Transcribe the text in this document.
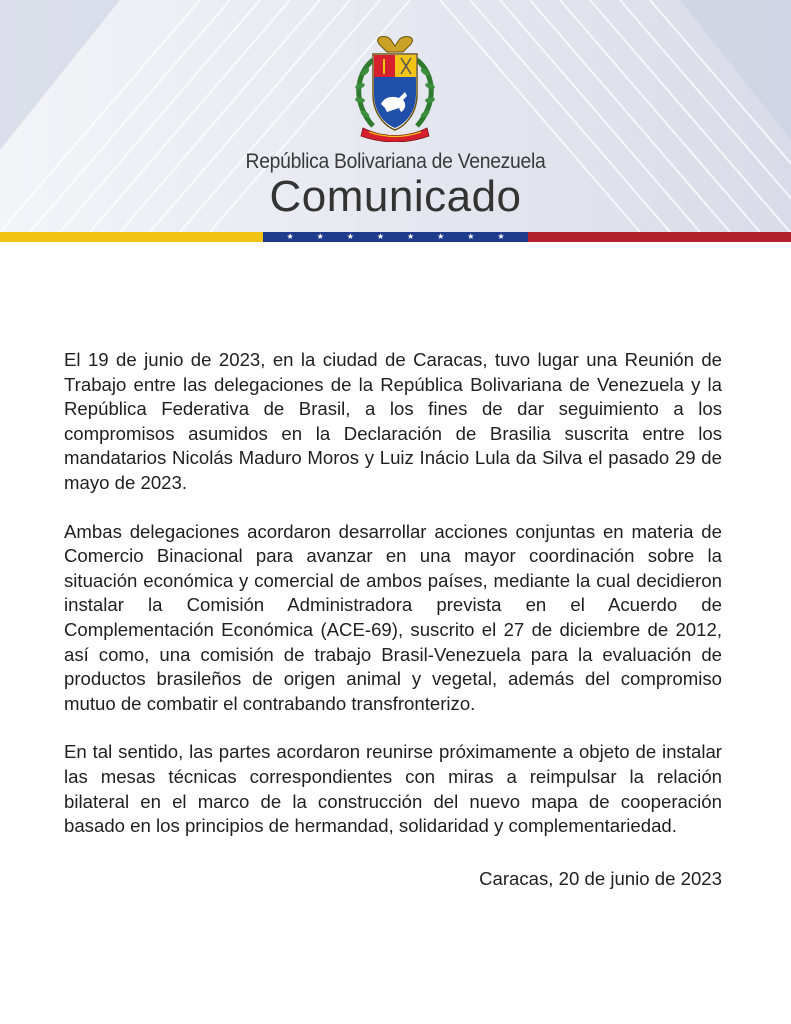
República Bolivariana de Venezuela
Comunicado
★	★	★	★	★	★	★	★

El 19 de junio de 2023, en la ciudad de Caracas, tuvo lugar una Reunión de Trabajo entre las delegaciones de la República Bolivariana de Venezuela y la República Federativa de Brasil, a los fines de dar seguimiento a los compromisos asumidos en la Declaración de Brasilia suscrita entre los mandatarios Nicolás Maduro Moros y Luiz Inácio Lula da Silva el pasado 29 de mayo de 2023.

Ambas delegaciones acordaron desarrollar acciones conjuntas en materia de Comercio Binacional para avanzar en una mayor coordinación sobre la situación económica y comercial de ambos países, mediante la cual decidieron instalar la Comisión Administradora prevista en el Acuerdo de Complementación Económica (ACE-69), suscrito el 27 de diciembre de 2012, así como, una comisión de trabajo Brasil-Venezuela para la evaluación de productos brasileños de origen animal y vegetal, además del compromiso mutuo de combatir el contrabando transfronterizo.

En tal sentido, las partes acordaron reunirse próximamente a objeto de instalar las mesas técnicas correspondientes con miras a reimpulsar la relación bilateral en el marco de la construcción del nuevo mapa de cooperación basado en los principios de hermandad, solidaridad y complementariedad.

Caracas, 20 de junio de 2023
